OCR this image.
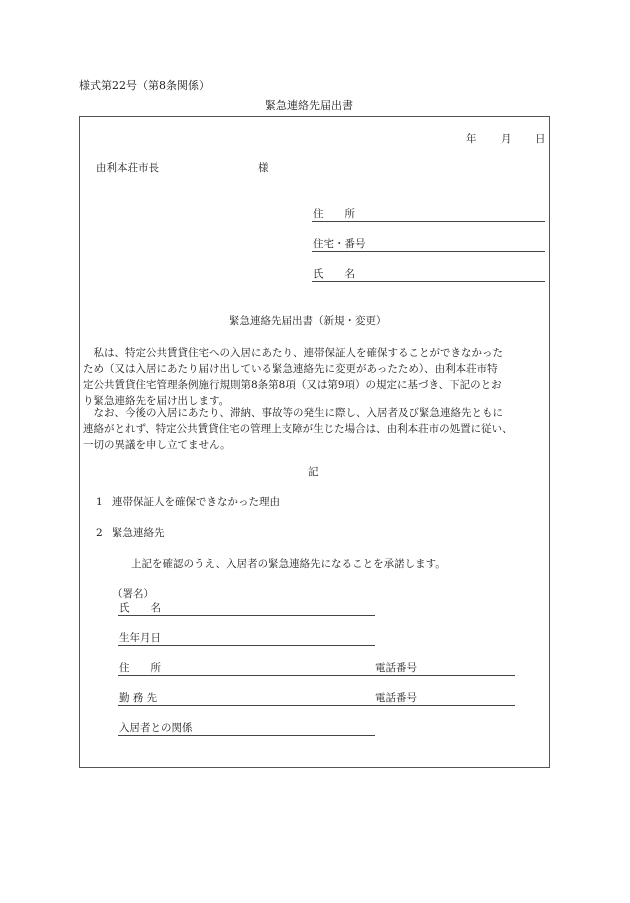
様式第22号（第8条関係）
緊急連絡先届出書
年 月 日
由利本荘市長	様
住　　所
住宅・番号
氏　　名
緊急連絡先届出書（新規・変更）
　私は、特定公共賃貸住宅への入居にあたり、連帯保証人を確保することができなかった
ため（又は入居にあたり届け出している緊急連絡先に変更があったため）、由利本荘市特
定公共賃貸住宅管理条例施行規則第8条第8項（又は第9項）の規定に基づき、下記のとお
り緊急連絡先を届け出します。
　なお、今後の入居にあたり、滞納、事故等の発生に際し、入居者及び緊急連絡先ともに
連絡がとれず、特定公共賃貸住宅の管理上支障が生じた場合は、由利本荘市の処置に従い、
一切の異議を申し立てません。
記
1 連帯保証人を確保できなかった理由
2 緊急連絡先
上記を確認のうえ、入居者の緊急連絡先になることを承諾します。
（署名）
氏　　名
生年月日
住　　所	電話番号
勤 務 先	電話番号
入居者との関係
